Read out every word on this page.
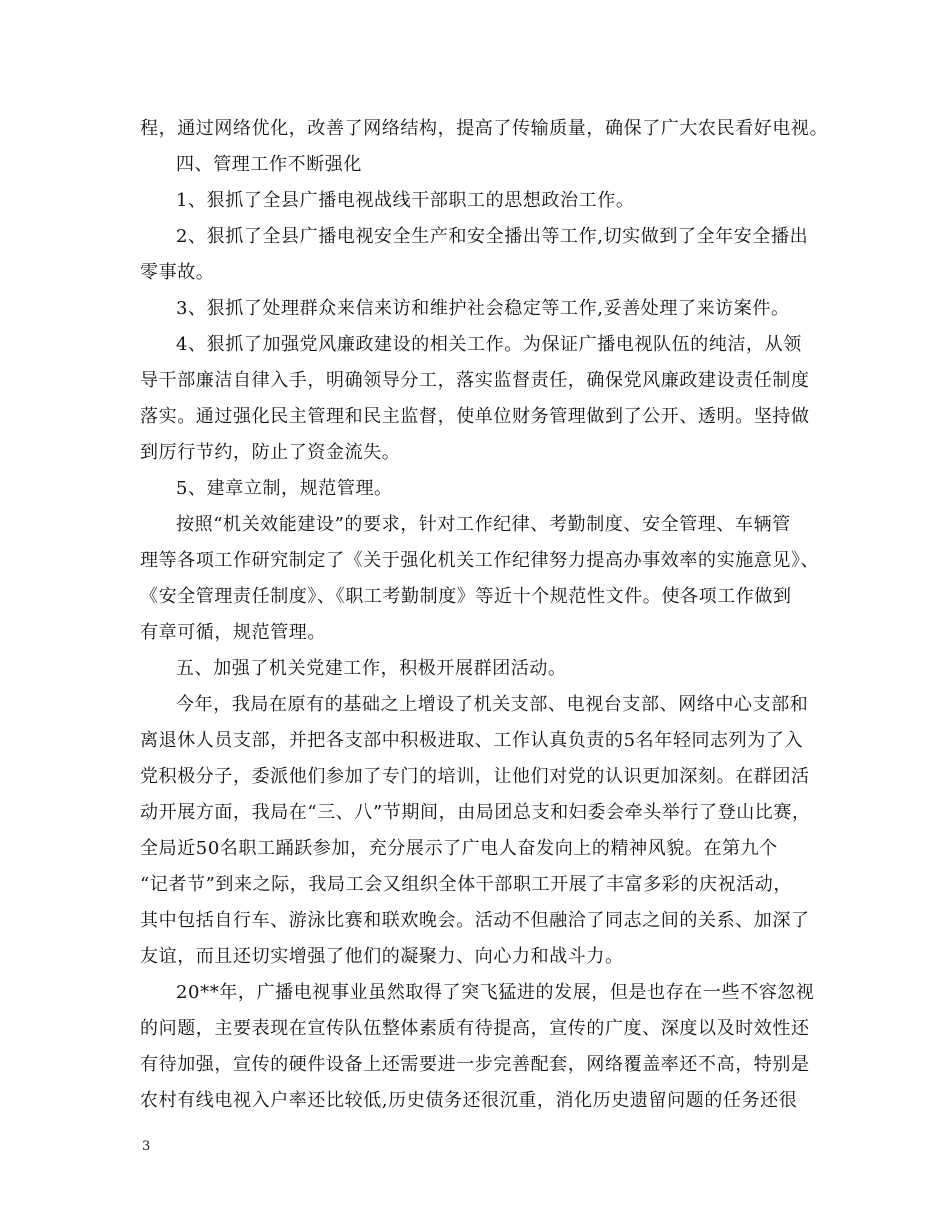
程，通过网络优化，改善了网络结构，提高了传输质量，确保了广大农民看好电视。
四、管理工作不断强化
1、狠抓了全县广播电视战线干部职工的思想政治工作。
2、狠抓了全县广播电视安全生产和安全播出等工作,切实做到了全年安全播出
零事故。
3、狠抓了处理群众来信来访和维护社会稳定等工作,妥善处理了来访案件。
4、狠抓了加强党风廉政建设的相关工作。为保证广播电视队伍的纯洁，从领
导干部廉洁自律入手，明确领导分工，落实监督责任，确保党风廉政建设责任制度
落实。通过强化民主管理和民主监督，使单位财务管理做到了公开、透明。坚持做
到厉行节约，防止了资金流失。
5、建章立制，规范管理。
按照“机关效能建设”的要求，针对工作纪律、考勤制度、安全管理、车辆管
理等各项工作研究制定了《关于强化机关工作纪律努力提高办事效率的实施意见》、
《安全管理责任制度》、《职工考勤制度》等近十个规范性文件。使各项工作做到
有章可循，规范管理。
五、加强了机关党建工作，积极开展群团活动。
今年，我局在原有的基础之上增设了机关支部、电视台支部、网络中心支部和
离退休人员支部，并把各支部中积极进取、工作认真负责的5名年轻同志列为了入
党积极分子，委派他们参加了专门的培训，让他们对党的认识更加深刻。在群团活
动开展方面，我局在“三、八”节期间，由局团总支和妇委会牵头举行了登山比赛，
全局近50名职工踊跃参加，充分展示了广电人奋发向上的精神风貌。在第九个
“记者节”到来之际，我局工会又组织全体干部职工开展了丰富多彩的庆祝活动，
其中包括自行车、游泳比赛和联欢晚会。活动不但融洽了同志之间的关系、加深了
友谊，而且还切实增强了他们的凝聚力、向心力和战斗力。
20**年，广播电视事业虽然取得了突飞猛进的发展，但是也存在一些不容忽视
的问题，主要表现在宣传队伍整体素质有待提高，宣传的广度、深度以及时效性还
有待加强，宣传的硬件设备上还需要进一步完善配套，网络覆盖率还不高，特别是
农村有线电视入户率还比较低,历史债务还很沉重，消化历史遗留问题的任务还很
3
